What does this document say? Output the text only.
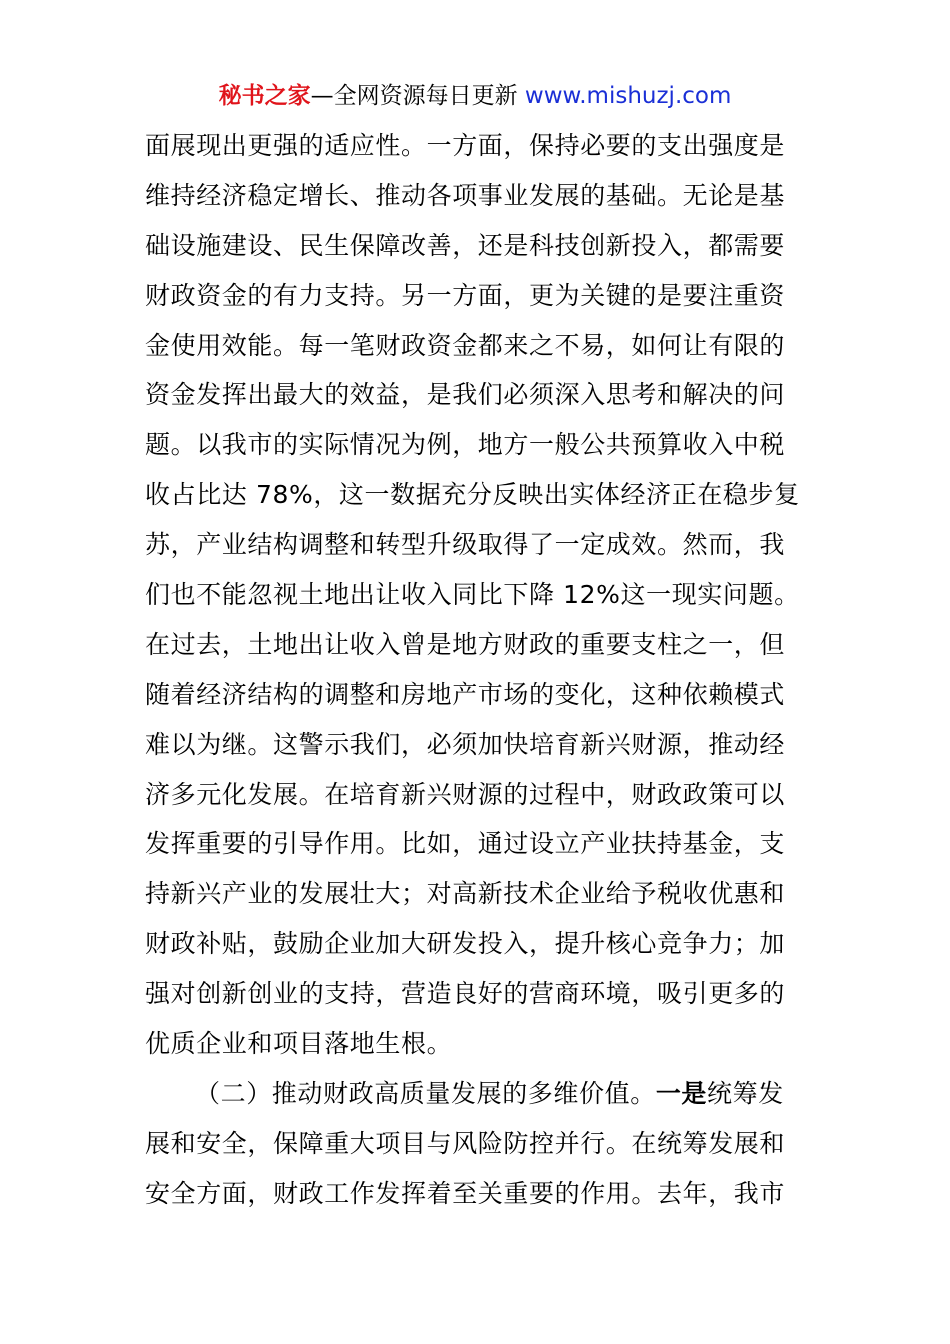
秘书之家—全网资源每日更新 www.mishuzj.com
面展现出更强的适应性。一方面，保持必要的支出强度是
维持经济稳定增长、推动各项事业发展的基础。无论是基
础设施建设、民生保障改善，还是科技创新投入，都需要
财政资金的有力支持。另一方面，更为关键的是要注重资
金使用效能。每一笔财政资金都来之不易，如何让有限的
资金发挥出最大的效益，是我们必须深入思考和解决的问
题。以我市的实际情况为例，地方一般公共预算收入中税
收占比达 78%，这一数据充分反映出实体经济正在稳步复
苏，产业结构调整和转型升级取得了一定成效。然而，我
们也不能忽视土地出让收入同比下降 12%这一现实问题。
在过去，土地出让收入曾是地方财政的重要支柱之一，但
随着经济结构的调整和房地产市场的变化，这种依赖模式
难以为继。这警示我们，必须加快培育新兴财源，推动经
济多元化发展。在培育新兴财源的过程中，财政政策可以
发挥重要的引导作用。比如，通过设立产业扶持基金，支
持新兴产业的发展壮大；对高新技术企业给予税收优惠和
财政补贴，鼓励企业加大研发投入，提升核心竞争力；加
强对创新创业的支持，营造良好的营商环境，吸引更多的
优质企业和项目落地生根。
（二）推动财政高质量发展的多维价值。一是统筹发
展和安全，保障重大项目与风险防控并行。在统筹发展和
安全方面，财政工作发挥着至关重要的作用。去年，我市
